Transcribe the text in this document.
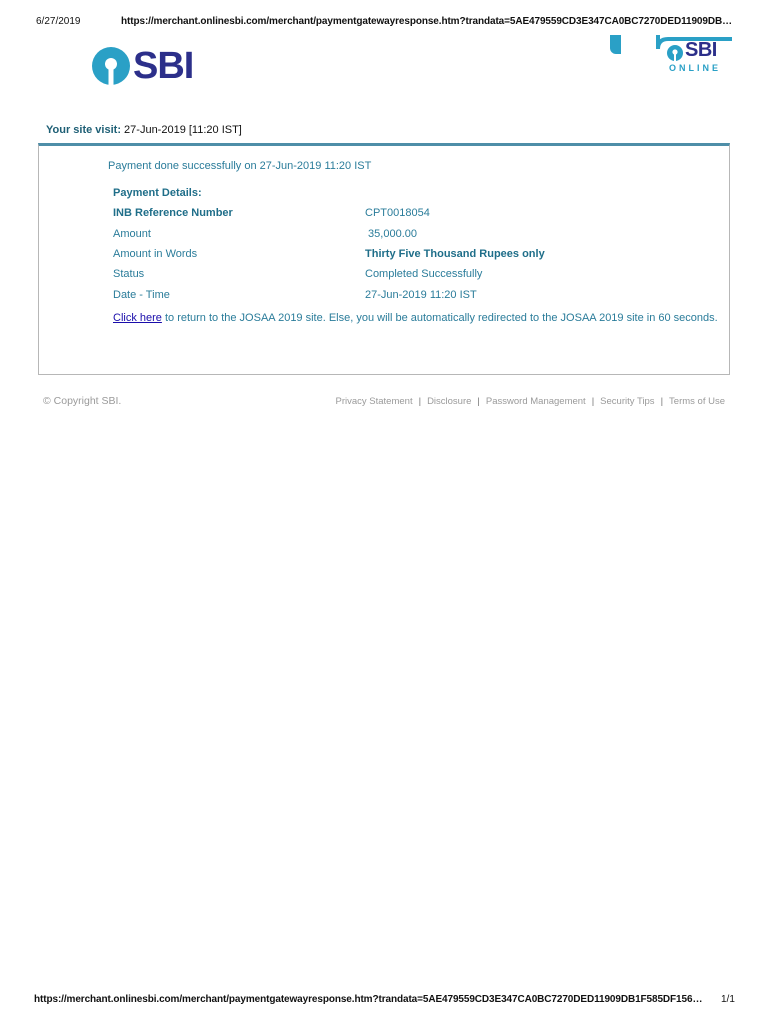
6/27/2019	https://merchant.onlinesbi.com/merchant/paymentgatewayresponse.htm?trandata=5AE479559CD3E347CA0BC7270DED11909DB…
SBI	SBI
ONLINE
Your site visit: 27-Jun-2019 [11:20 IST]
Payment done successfully on 27-Jun-2019 11:20 IST
Payment Details:
INB Reference Number	CPT0018054
Amount	35,000.00
Amount in Words	Thirty Five Thousand Rupees only
Status	Completed Successfully
Date - Time	27-Jun-2019 11:20 IST
Click here to return to the JOSAA 2019 site. Else, you will be automatically redirected to the JOSAA 2019 site in 60 seconds.
© Copyright SBI.	Privacy Statement | Disclosure | Password Management | Security Tips | Terms of Use
https://merchant.onlinesbi.com/merchant/paymentgatewayresponse.htm?trandata=5AE479559CD3E347CA0BC7270DED11909DB1F585DF156… 1/1
